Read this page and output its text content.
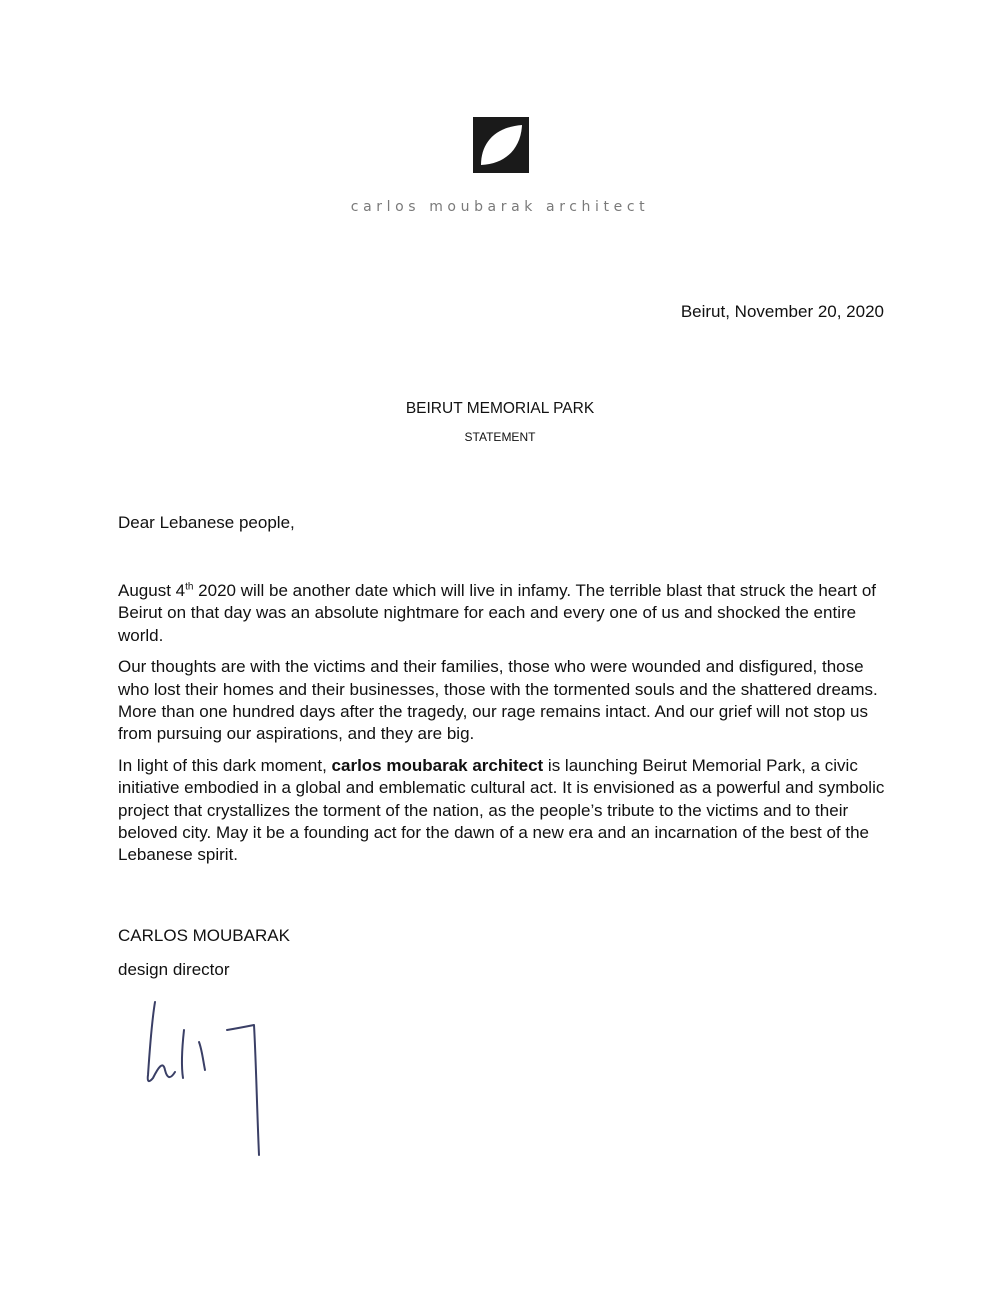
carlos moubarak architect
Beirut, November 20, 2020
BEIRUT MEMORIAL PARK
STATEMENT
Dear Lebanese people,

August 4th 2020 will be another date which will live in infamy. The terrible blast that struck the heart of Beirut on that day was an absolute nightmare for each and every one of us and shocked the entire world.

Our thoughts are with the victims and their families, those who were wounded and disfigured, those who lost their homes and their businesses, those with the tormented souls and the shattered dreams. More than one hundred days after the tragedy, our rage remains intact. And our grief will not stop us from pursuing our aspirations, and they are big.

In light of this dark moment, carlos moubarak architect is launching Beirut Memorial Park, a civic initiative embodied in a global and emblematic cultural act. It is envisioned as a powerful and symbolic project that crystallizes the torment of the nation, as the people’s tribute to the victims and to their beloved city. May it be a founding act for the dawn of a new era and an incarnation of the best of the Lebanese spirit.

CARLOS MOUBARAK
design director
